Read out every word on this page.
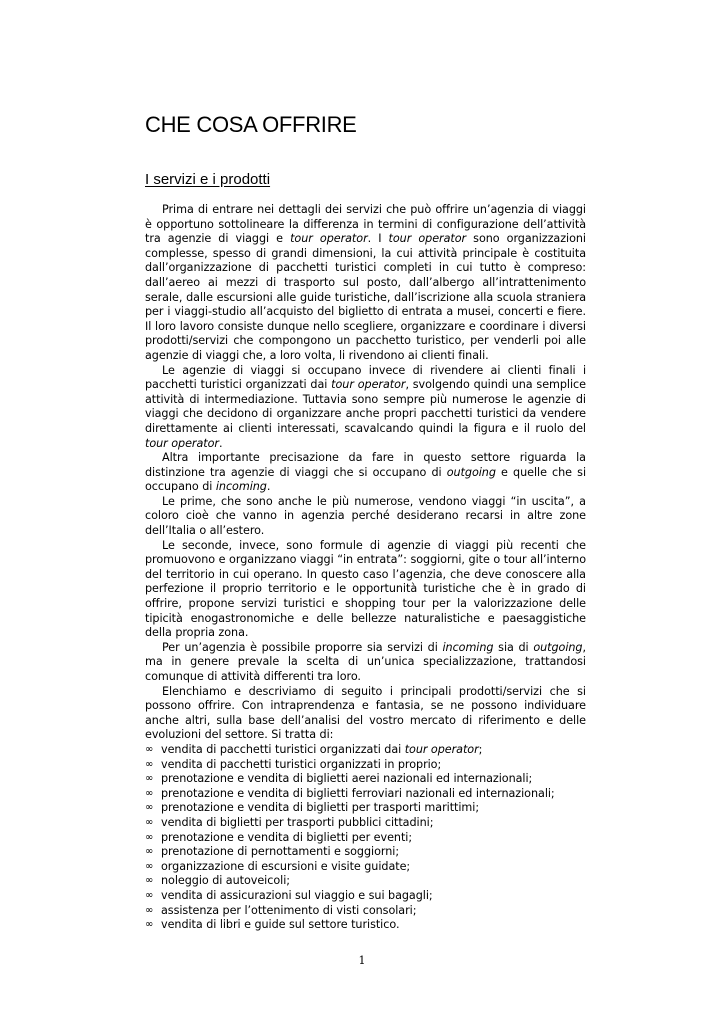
CHE COSA OFFRIRE
I servizi e i prodotti

Prima di entrare nei dettagli dei servizi che può offrire un’agenzia di viaggi è opportuno sottolineare la differenza in termini di configurazione dell’attività tra agenzie di viaggi e tour operator. I tour operator sono organizzazioni complesse, spesso di grandi dimensioni, la cui attività principale è costituita dall’organizzazione di pacchetti turistici completi in cui tutto è compreso: dall’aereo ai mezzi di trasporto sul posto, dall’albergo all’intrattenimento serale, dalle escursioni alle guide turistiche, dall’iscrizione alla scuola straniera per i viaggi-studio all’acquisto del biglietto di entrata a musei, concerti e fiere. Il loro lavoro consiste dunque nello scegliere, organizzare e coordinare i diversi prodotti/servizi che compongono un pacchetto turistico, per venderli poi alle agenzie di viaggi che, a loro volta, li rivendono ai clienti finali.

Le agenzie di viaggi si occupano invece di rivendere ai clienti finali i pacchetti turistici organizzati dai tour operator, svolgendo quindi una semplice attività di intermediazione. Tuttavia sono sempre più numerose le agenzie di viaggi che decidono di organizzare anche propri pacchetti turistici da vendere direttamente ai clienti interessati, scavalcando quindi la figura e il ruolo del tour operator.

Altra importante precisazione da fare in questo settore riguarda la distinzione tra agenzie di viaggi che si occupano di outgoing e quelle che si occupano di incoming.

Le prime, che sono anche le più numerose, vendono viaggi “in uscita”, a coloro cioè che vanno in agenzia perché desiderano recarsi in altre zone dell’Italia o all’estero.

Le seconde, invece, sono formule di agenzie di viaggi più recenti che promuovono e organizzano viaggi “in entrata”: soggiorni, gite o tour all’interno del territorio in cui operano. In questo caso l’agenzia, che deve conoscere alla perfezione il proprio territorio e le opportunità turistiche che è in grado di offrire, propone servizi turistici e shopping tour per la valorizzazione delle tipicità enogastronomiche e delle bellezze naturalistiche e paesaggistiche della propria zona.

Per un’agenzia è possibile proporre sia servizi di incoming sia di outgoing, ma in genere prevale la scelta di un’unica specializzazione, trattandosi comunque di attività differenti tra loro.

Elenchiamo e descriviamo di seguito i principali prodotti/servizi che si possono offrire. Con intraprendenza e fantasia, se ne possono individuare anche altri, sulla base dell’analisi del vostro mercato di riferimento e delle evoluzioni del settore. Si tratta di:

∞ vendita di pacchetti turistici organizzati dai tour operator;
∞ vendita di pacchetti turistici organizzati in proprio;
∞ prenotazione e vendita di biglietti aerei nazionali ed internazionali;
∞ prenotazione e vendita di biglietti ferroviari nazionali ed internazionali;
∞ prenotazione e vendita di biglietti per trasporti marittimi;
∞ vendita di biglietti per trasporti pubblici cittadini;
∞ prenotazione e vendita di biglietti per eventi;
∞ prenotazione di pernottamenti e soggiorni;
∞ organizzazione di escursioni e visite guidate;
∞ noleggio di autoveicoli;
∞ vendita di assicurazioni sul viaggio e sui bagagli;
∞ assistenza per l’ottenimento di visti consolari;
∞ vendita di libri e guide sul settore turistico.
1
